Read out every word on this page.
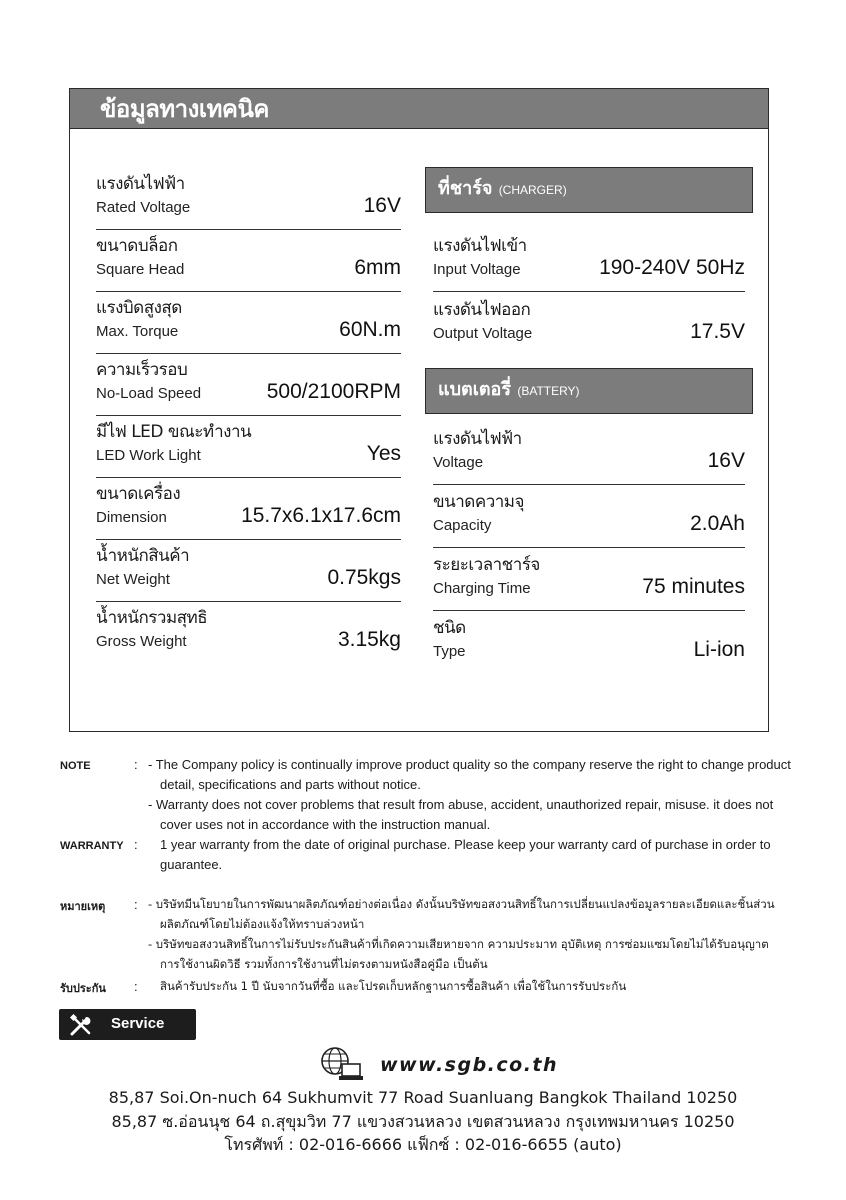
ข้อมูลทางเทคนิค
แรงดันไฟฟ้า
Rated Voltage	16V
ขนาดบล็อก
Square Head	6mm
แรงบิดสูงสุด
Max. Torque	60N.m
ความเร็วรอบ
No-Load Speed	500/2100RPM
มีไฟ LED ขณะทำงาน
LED Work Light	Yes
ขนาดเครื่อง
Dimension	15.7x6.1x17.6cm
น้ำหนักสินค้า
Net Weight	0.75kgs
น้ำหนักรวมสุทธิ
Gross Weight	3.15kg
ที่ชาร์จ (CHARGER)
แรงดันไฟเข้า
Input Voltage	190-240V 50Hz
แรงดันไฟออก
Output Voltage	17.5V
แบตเตอรี่ (BATTERY)
แรงดันไฟฟ้า
Voltage	16V
ขนาดความจุ
Capacity	2.0Ah
ระยะเวลาชาร์จ
Charging Time	75 minutes
ชนิด
Type	Li-ion
NOTE	: - The Company policy is continually improve product quality so the company reserve the right to change product
detail, specifications and parts without notice.
- Warranty does not cover problems that result from abuse, accident, unauthorized repair, misuse. it does not
cover uses not in accordance with the instruction manual.
WARRANTY : 1 year warranty from the date of original purchase. Please keep your warranty card of purchase in order to
guarantee.
หมายเหตุ : - บริษัทมีนโยบายในการพัฒนาผลิตภัณฑ์อย่างต่อเนื่อง ดังนั้นบริษัทขอสงวนสิทธิ์ในการเปลี่ยนแปลงข้อมูลรายละเอียดและชิ้นส่วน
ผลิตภัณฑ์โดยไม่ต้องแจ้งให้ทราบล่วงหน้า
- บริษัทขอสงวนสิทธิ์ในการไม่รับประกันสินค้าที่เกิดความเสียหายจาก ความประมาท อุบัติเหตุ การซ่อมแซมโดยไม่ได้รับอนุญาต
การใช้งานผิดวิธี รวมทั้งการใช้งานที่ไม่ตรงตามหนังสือคู่มือ เป็นต้น
รับประกัน : สินค้ารับประกัน 1 ปี นับจากวันที่ซื้อ และโปรดเก็บหลักฐานการซื้อสินค้า เพื่อใช้ในการรับประกัน
Service
www.sgb.co.th
85,87 Soi.On-nuch 64 Sukhumvit 77 Road Suanluang Bangkok Thailand 10250
85,87 ซ.อ่อนนุช 64 ถ.สุขุมวิท 77 แขวงสวนหลวง เขตสวนหลวง กรุงเทพมหานคร 10250
โทรศัพท์ : 02-016-6666 แฟ็กซ์ : 02-016-6655 (auto)
